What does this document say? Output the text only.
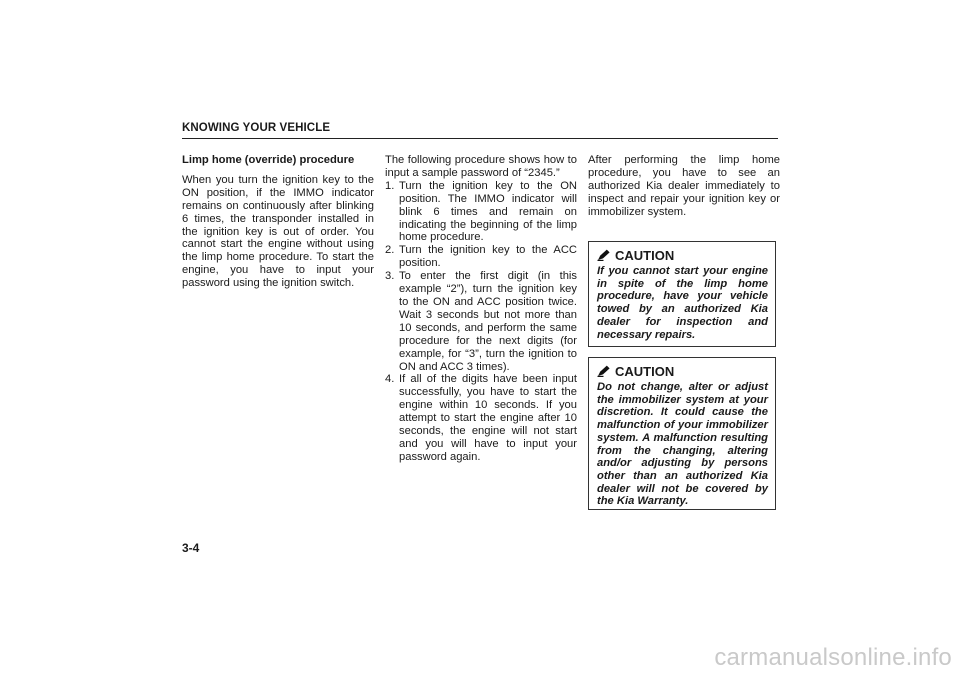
KNOWING YOUR VEHICLE

Limp home (override) procedure

When you turn the ignition key to the ON position, if the IMMO indicator remains on continuously after blinking 6 times, the transponder installed in the ignition key is out of order. You cannot start the engine without using the limp home procedure. To start the engine, you have to input your password using the ignition switch.

The following procedure shows how to input a sample password of “2345.”

1. Turn the ignition key to the ON position. The IMMO indicator will blink 6 times and remain on indicating the beginning of the limp home procedure.
2. Turn the ignition key to the ACC position.
3. To enter the first digit (in this example “2”), turn the ignition key to the ON and ACC position twice. Wait 3 seconds but not more than 10 seconds, and perform the same procedure for the next digits (for example, for “3”, turn the ignition to ON and ACC 3 times).
4. If all of the digits have been input successfully, you have to start the engine within 10 seconds. If you attempt to start the engine after 10 seconds, the engine will not start and you will have to input your password again.

After performing the limp home procedure, you have to see an authorized Kia dealer immediately to inspect and repair your ignition key or immobilizer system.

CAUTION

If you cannot start your engine in spite of the limp home procedure, have your vehicle towed by an authorized Kia dealer for inspection and necessary repairs.

CAUTION

Do not change, alter or adjust the immobilizer system at your discretion. It could cause the malfunction of your immobilizer system. A malfunction resulting from the changing, altering and/or adjusting by persons other than an authorized Kia dealer will not be covered by the Kia Warranty.

3-4
carmanualsonline.info
